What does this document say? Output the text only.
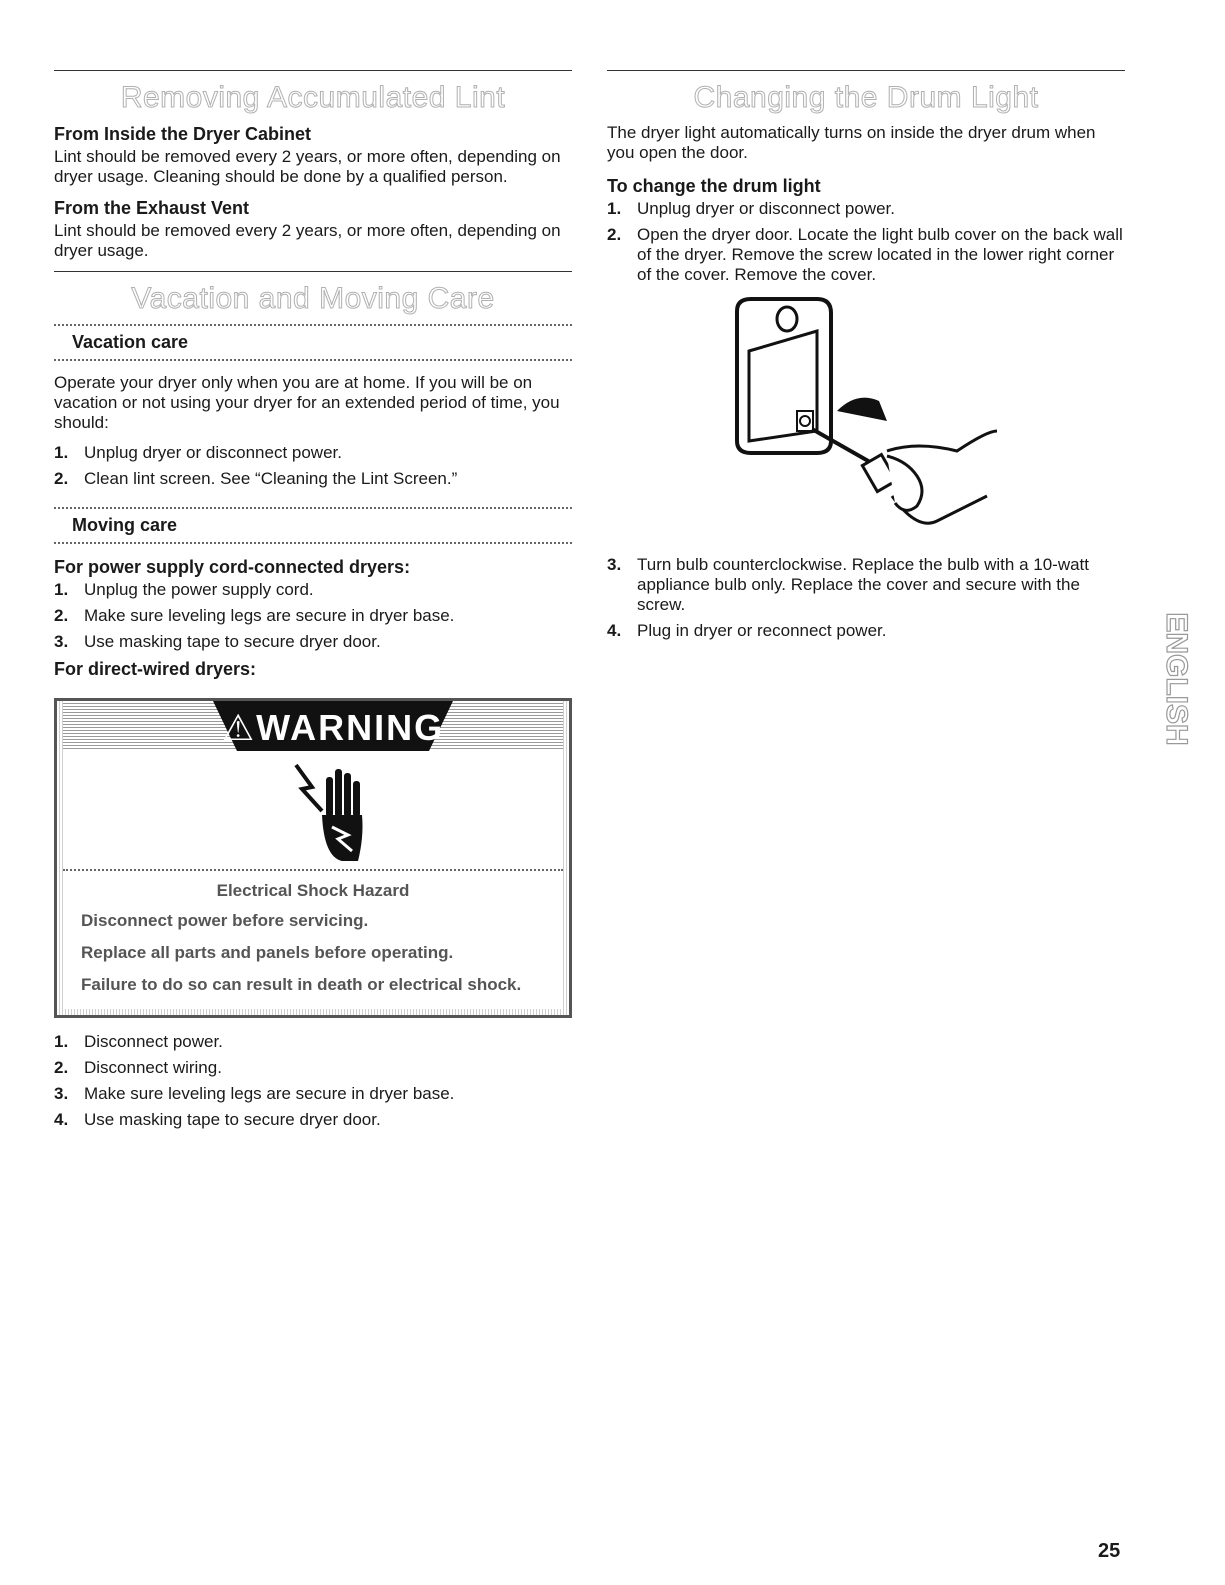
Removing Accumulated Lint
From Inside the Dryer Cabinet

Lint should be removed every 2 years, or more often, depending on dryer usage. Cleaning should be done by a qualified person.

From the Exhaust Vent

Lint should be removed every 2 years, or more often, depending on dryer usage.

Vacation and Moving Care
Vacation care

Operate your dryer only when you are at home. If you will be on vacation or not using your dryer for an extended period of time, you should:

1. Unplug dryer or disconnect power.
2. Clean lint screen. See “Cleaning the Lint Screen.”
Moving care
For power supply cord-connected dryers:
1. Unplug the power supply cord.
2. Make sure leveling legs are secure in dryer base.
3. Use masking tape to secure dryer door.
For direct-wired dryers:
⚠WARNING
Electrical Shock Hazard
Disconnect power before servicing.
Replace all parts and panels before operating.
Failure to do so can result in death or electrical shock.
1. Disconnect power.
2. Disconnect wiring.
3. Make sure leveling legs are secure in dryer base.
4. Use masking tape to secure dryer door.
Changing the Drum Light

The dryer light automatically turns on inside the dryer drum when you open the door.

To change the drum light
1. Unplug dryer or disconnect power.
2. Open the dryer door. Locate the light bulb cover on the back wall of the dryer. Remove the screw located in the lower right corner of the cover. Remove the cover.
3. Turn bulb counterclockwise. Replace the bulb with a 10-watt appliance bulb only. Replace the cover and secure with the screw.
4. Plug in dryer or reconnect power.	ENGLISH
25
